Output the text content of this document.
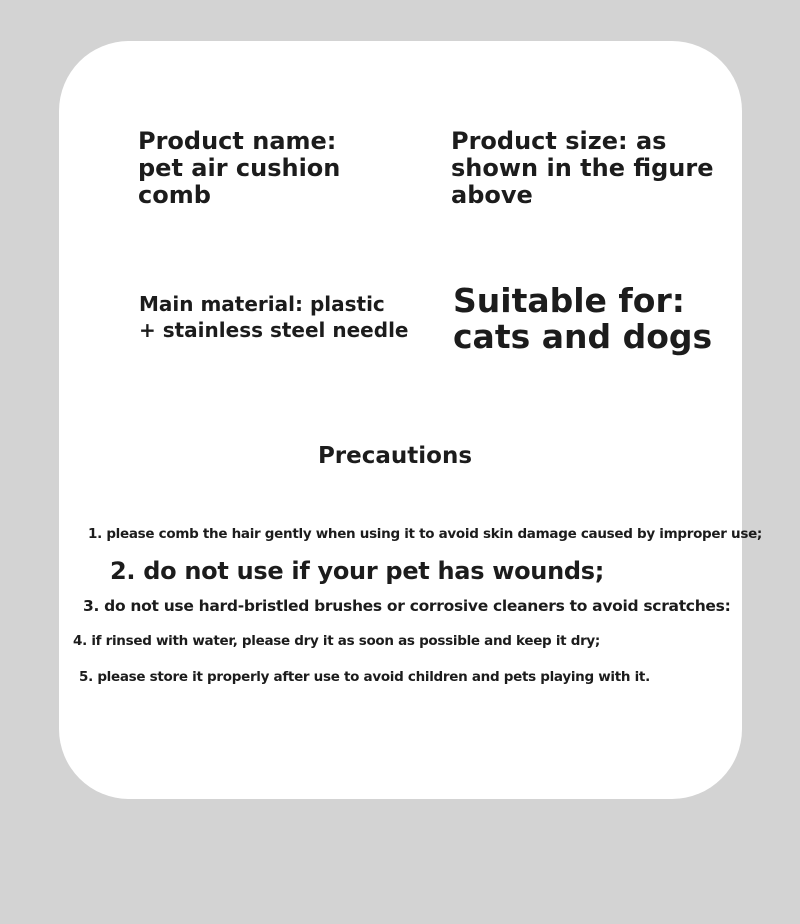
Product name:
pet air cushion
comb

Product size: as
shown in the figure
above

Main material: plastic
+ stainless steel needle

Suitable for:
cats and dogs

Precautions

1. please comb the hair gently when using it to avoid skin damage caused by improper use;
2. do not use if your pet has wounds;
3. do not use hard-bristled brushes or corrosive cleaners to avoid scratches:
4. if rinsed with water, please dry it as soon as possible and keep it dry;
5. please store it properly after use to avoid children and pets playing with it.
